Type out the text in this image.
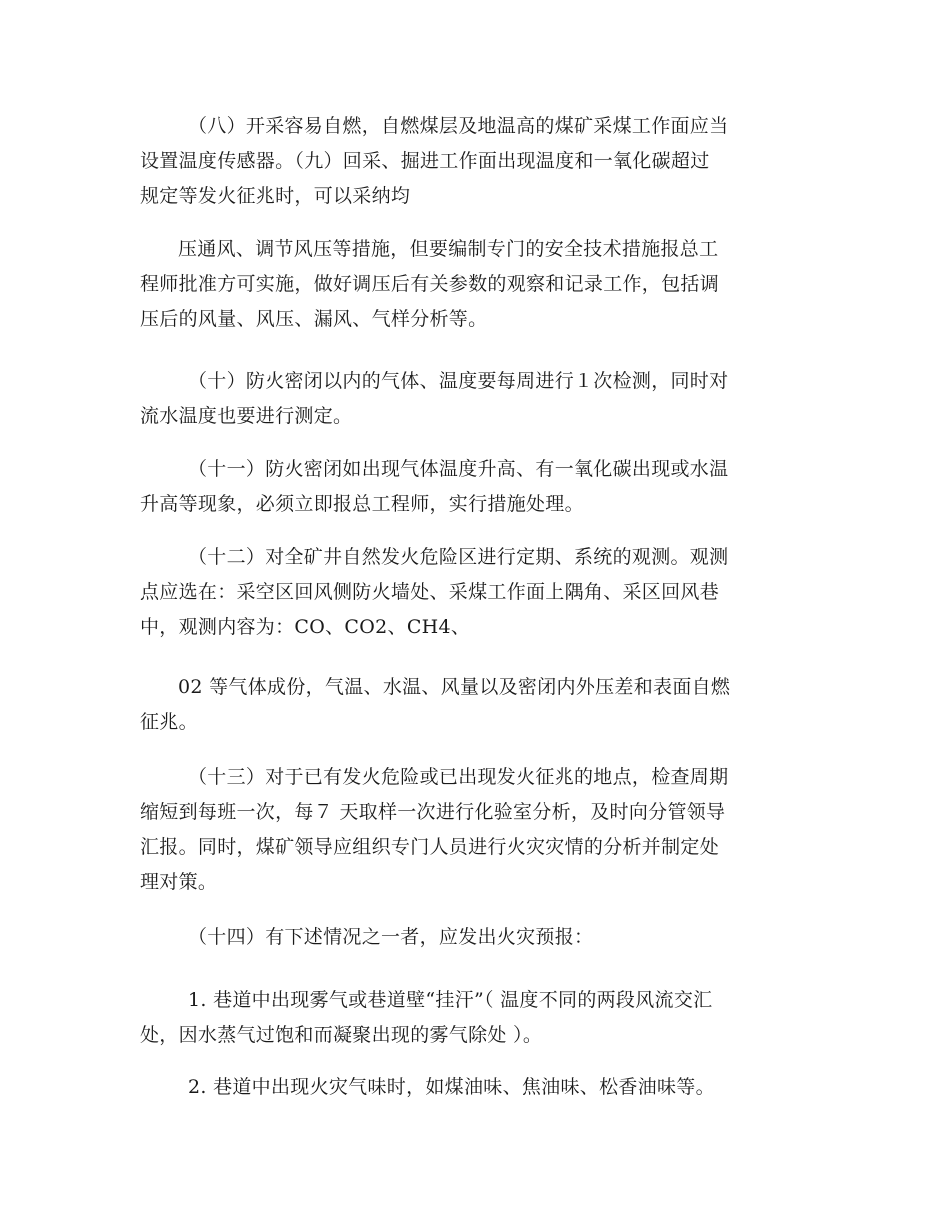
（八）开采容易自燃，自燃煤层及地温高的煤矿采煤工作面应当
设置温度传感器。（九）回采、掘进工作面出现温度和一氧化碳超过
规定等发火征兆时，可以采纳均

压通风、调节风压等措施，但要编制专门的安全技术措施报总工
程师批准方可实施，做好调压后有关参数的观察和记录工作，包括调
压后的风量、风压、漏风、气样分析等。

（十）防火密闭以内的气体、温度要每周进行１次检测，同时对
流水温度也要进行测定。

（十一）防火密闭如出现气体温度升高、有一氧化碳出现或水温
升高等现象，必须立即报总工程师，实行措施处理。

（十二）对全矿井自然发火危险区进行定期、系统的观测。观测
点应选在：采空区回风侧防火墙处、采煤工作面上隅角、采区回风巷
中，观测内容为：CO、CO2、CH4、

02 等气体成份，气温、水温、风量以及密闭内外压差和表面自燃
征兆。

（十三）对于已有发火危险或已出现发火征兆的地点，检查周期
缩短到每班一次，每７ 天取样一次进行化验室分析，及时向分管领导
汇报。同时，煤矿领导应组织专门人员进行火灾灾情的分析并制定处
理对策。

（十四）有下述情况之一者，应发出火灾预报：

1. 巷道中出现雾气或巷道壁“挂汗”（ 温度不同的两段风流交汇
处，因水蒸气过饱和而凝聚出现的雾气除处 ）。

2. 巷道中出现火灾气味时，如煤油味、焦油味、松香油味等。
